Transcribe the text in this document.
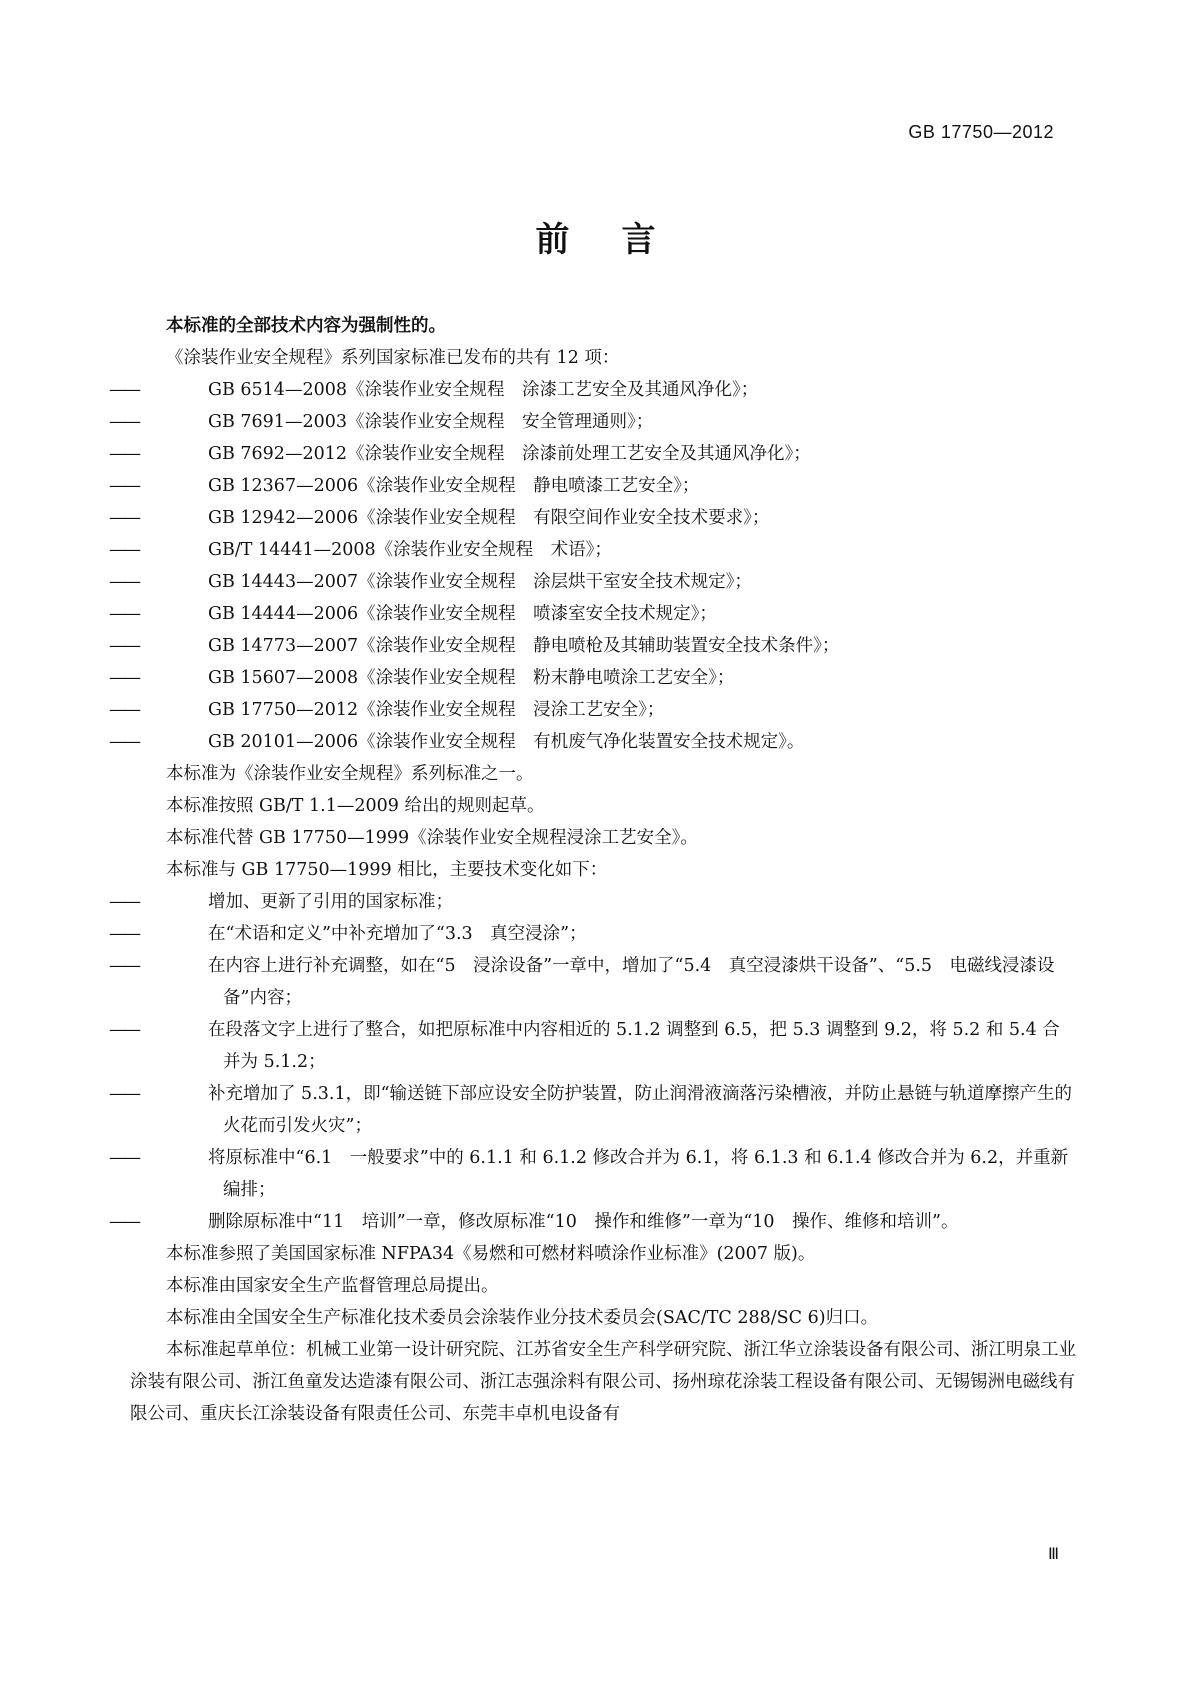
GB 17750—2012
前言

本标准的全部技术内容为强制性的。

《涂装作业安全规程》系列国家标准已发布的共有 12 项：

——	GB 6514—2008《涂装作业安全规程　涂漆工艺安全及其通风净化》；

——	GB 7691—2003《涂装作业安全规程　安全管理通则》；

——	GB 7692—2012《涂装作业安全规程　涂漆前处理工艺安全及其通风净化》；

——	GB 12367—2006《涂装作业安全规程　静电喷漆工艺安全》；

——	GB 12942—2006《涂装作业安全规程　有限空间作业安全技术要求》；

——	GB/T 14441—2008《涂装作业安全规程　术语》；

——	GB 14443—2007《涂装作业安全规程　涂层烘干室安全技术规定》；

——	GB 14444—2006《涂装作业安全规程　喷漆室安全技术规定》；

——	GB 14773—2007《涂装作业安全规程　静电喷枪及其辅助装置安全技术条件》；

——	GB 15607—2008《涂装作业安全规程　粉末静电喷涂工艺安全》；

——	GB 17750—2012《涂装作业安全规程　浸涂工艺安全》；

——	GB 20101—2006《涂装作业安全规程　有机废气净化装置安全技术规定》。

本标准为《涂装作业安全规程》系列标准之一。

本标准按照 GB/T 1.1—2009 给出的规则起草。

本标准代替 GB 17750—1999《涂装作业安全规程浸涂工艺安全》。

本标准与 GB 17750—1999 相比，主要技术变化如下：

——	增加、更新了引用的国家标准；

——	在“术语和定义”中补充增加了“3.3　真空浸涂”；

——	在内容上进行补充调整，如在“5　浸涂设备”一章中，增加了“5.4　真空浸漆烘干设备”、“5.5　电磁线浸漆设备”内容；

——	在段落文字上进行了整合，如把原标准中内容相近的 5.1.2 调整到 6.5，把 5.3 调整到 9.2，将 5.2 和 5.4 合并为 5.1.2；

——	补充增加了 5.3.1，即“输送链下部应设安全防护装置，防止润滑液滴落污染槽液，并防止悬链与轨道摩擦产生的火花而引发火灾”；

——	将原标准中“6.1　一般要求”中的 6.1.1 和 6.1.2 修改合并为 6.1，将 6.1.3 和 6.1.4 修改合并为 6.2，并重新编排；

——	删除原标准中“11　培训”一章，修改原标准“10　操作和维修”一章为“10　操作、维修和培训”。

本标准参照了美国国家标准 NFPA34《易燃和可燃材料喷涂作业标准》(2007 版)。

本标准由国家安全生产监督管理总局提出。

本标准由全国安全生产标准化技术委员会涂装作业分技术委员会(SAC/TC 288/SC 6)归口。

本标准起草单位：机械工业第一设计研究院、江苏省安全生产科学研究院、浙江华立涂装设备有限公司、浙江明泉工业涂装有限公司、浙江鱼童发达造漆有限公司、浙江志强涂料有限公司、扬州琼花涂装工程设备有限公司、无锡锡洲电磁线有限公司、重庆长江涂装设备有限责任公司、东莞丰卓机电设备有

Ⅲ
